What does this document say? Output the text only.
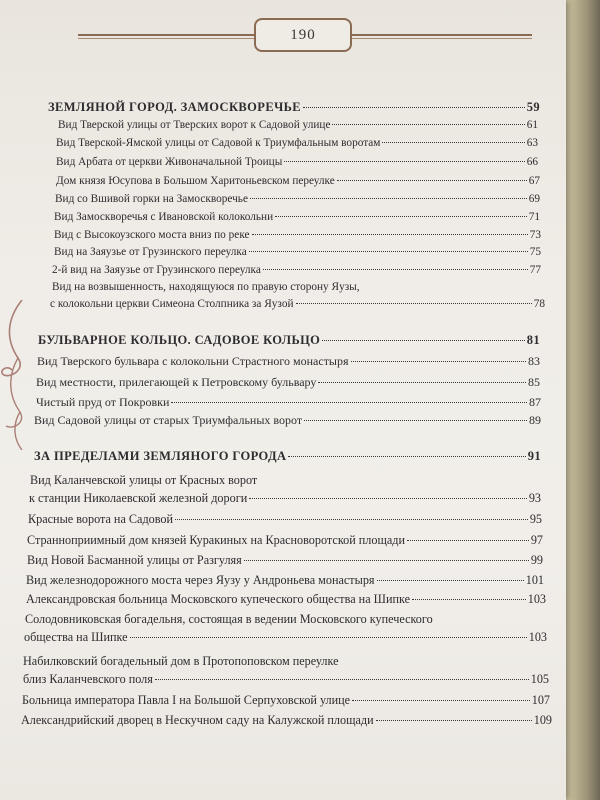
190
ЗЕМЛЯНОЙ ГОРОД. ЗАМОСКВОРЕЧЬЕ	59
Вид Тверской улицы от Тверских ворот к Садовой улице	61
Вид Тверской-Ямской улицы от Садовой к Триумфальным воротам	63
Вид Арбата от церкви Живоначальной Троицы	66
Дом князя Юсупова в Большом Харитоньевском переулке	67
Вид со Вшивой горки на Замоскворечье	69
Вид Замоскворечья с Ивановской колокольни	71
Вид с Высокоузского моста вниз по реке	73
Вид на Заяузье от Грузинского переулка	75
2-й вид на Заяузье от Грузинского переулка	77
Вид на возвышенность, находящуюся по правую сторону Яузы,
с колокольни церкви Симеона Столпника за Яузой	78
БУЛЬВАРНОЕ КОЛЬЦО. САДОВОЕ КОЛЬЦО	81
Вид Тверского бульвара с колокольни Страстного монастыря	83
Вид местности, прилегающей к Петровскому бульвару	85
Чистый пруд от Покровки	87
Вид Садовой улицы от старых Триумфальных ворот	89
ЗА ПРЕДЕЛАМИ ЗЕМЛЯНОГО ГОРОДА	91
Вид Каланчевской улицы от Красных ворот
к станции Николаевской железной дороги	93
Красные ворота на Садовой	95
Странноприимный дом князей Куракиных на Красноворотской площади	97
Вид Новой Басманной улицы от Разгуляя	99
Вид железнодорожного моста через Яузу у Андроньева монастыря	101
Александровская больница Московского купеческого общества на Шипке	103
Солодовниковская богадельня, состоящая в ведении Московского купеческого
общества на Шипке	103
Набилковский богадельный дом в Протопоповском переулке
близ Каланчевского поля	105
Больница императора Павла I на Большой Серпуховской улице	107
Александрийский дворец в Нескучном саду на Калужской площади	109
